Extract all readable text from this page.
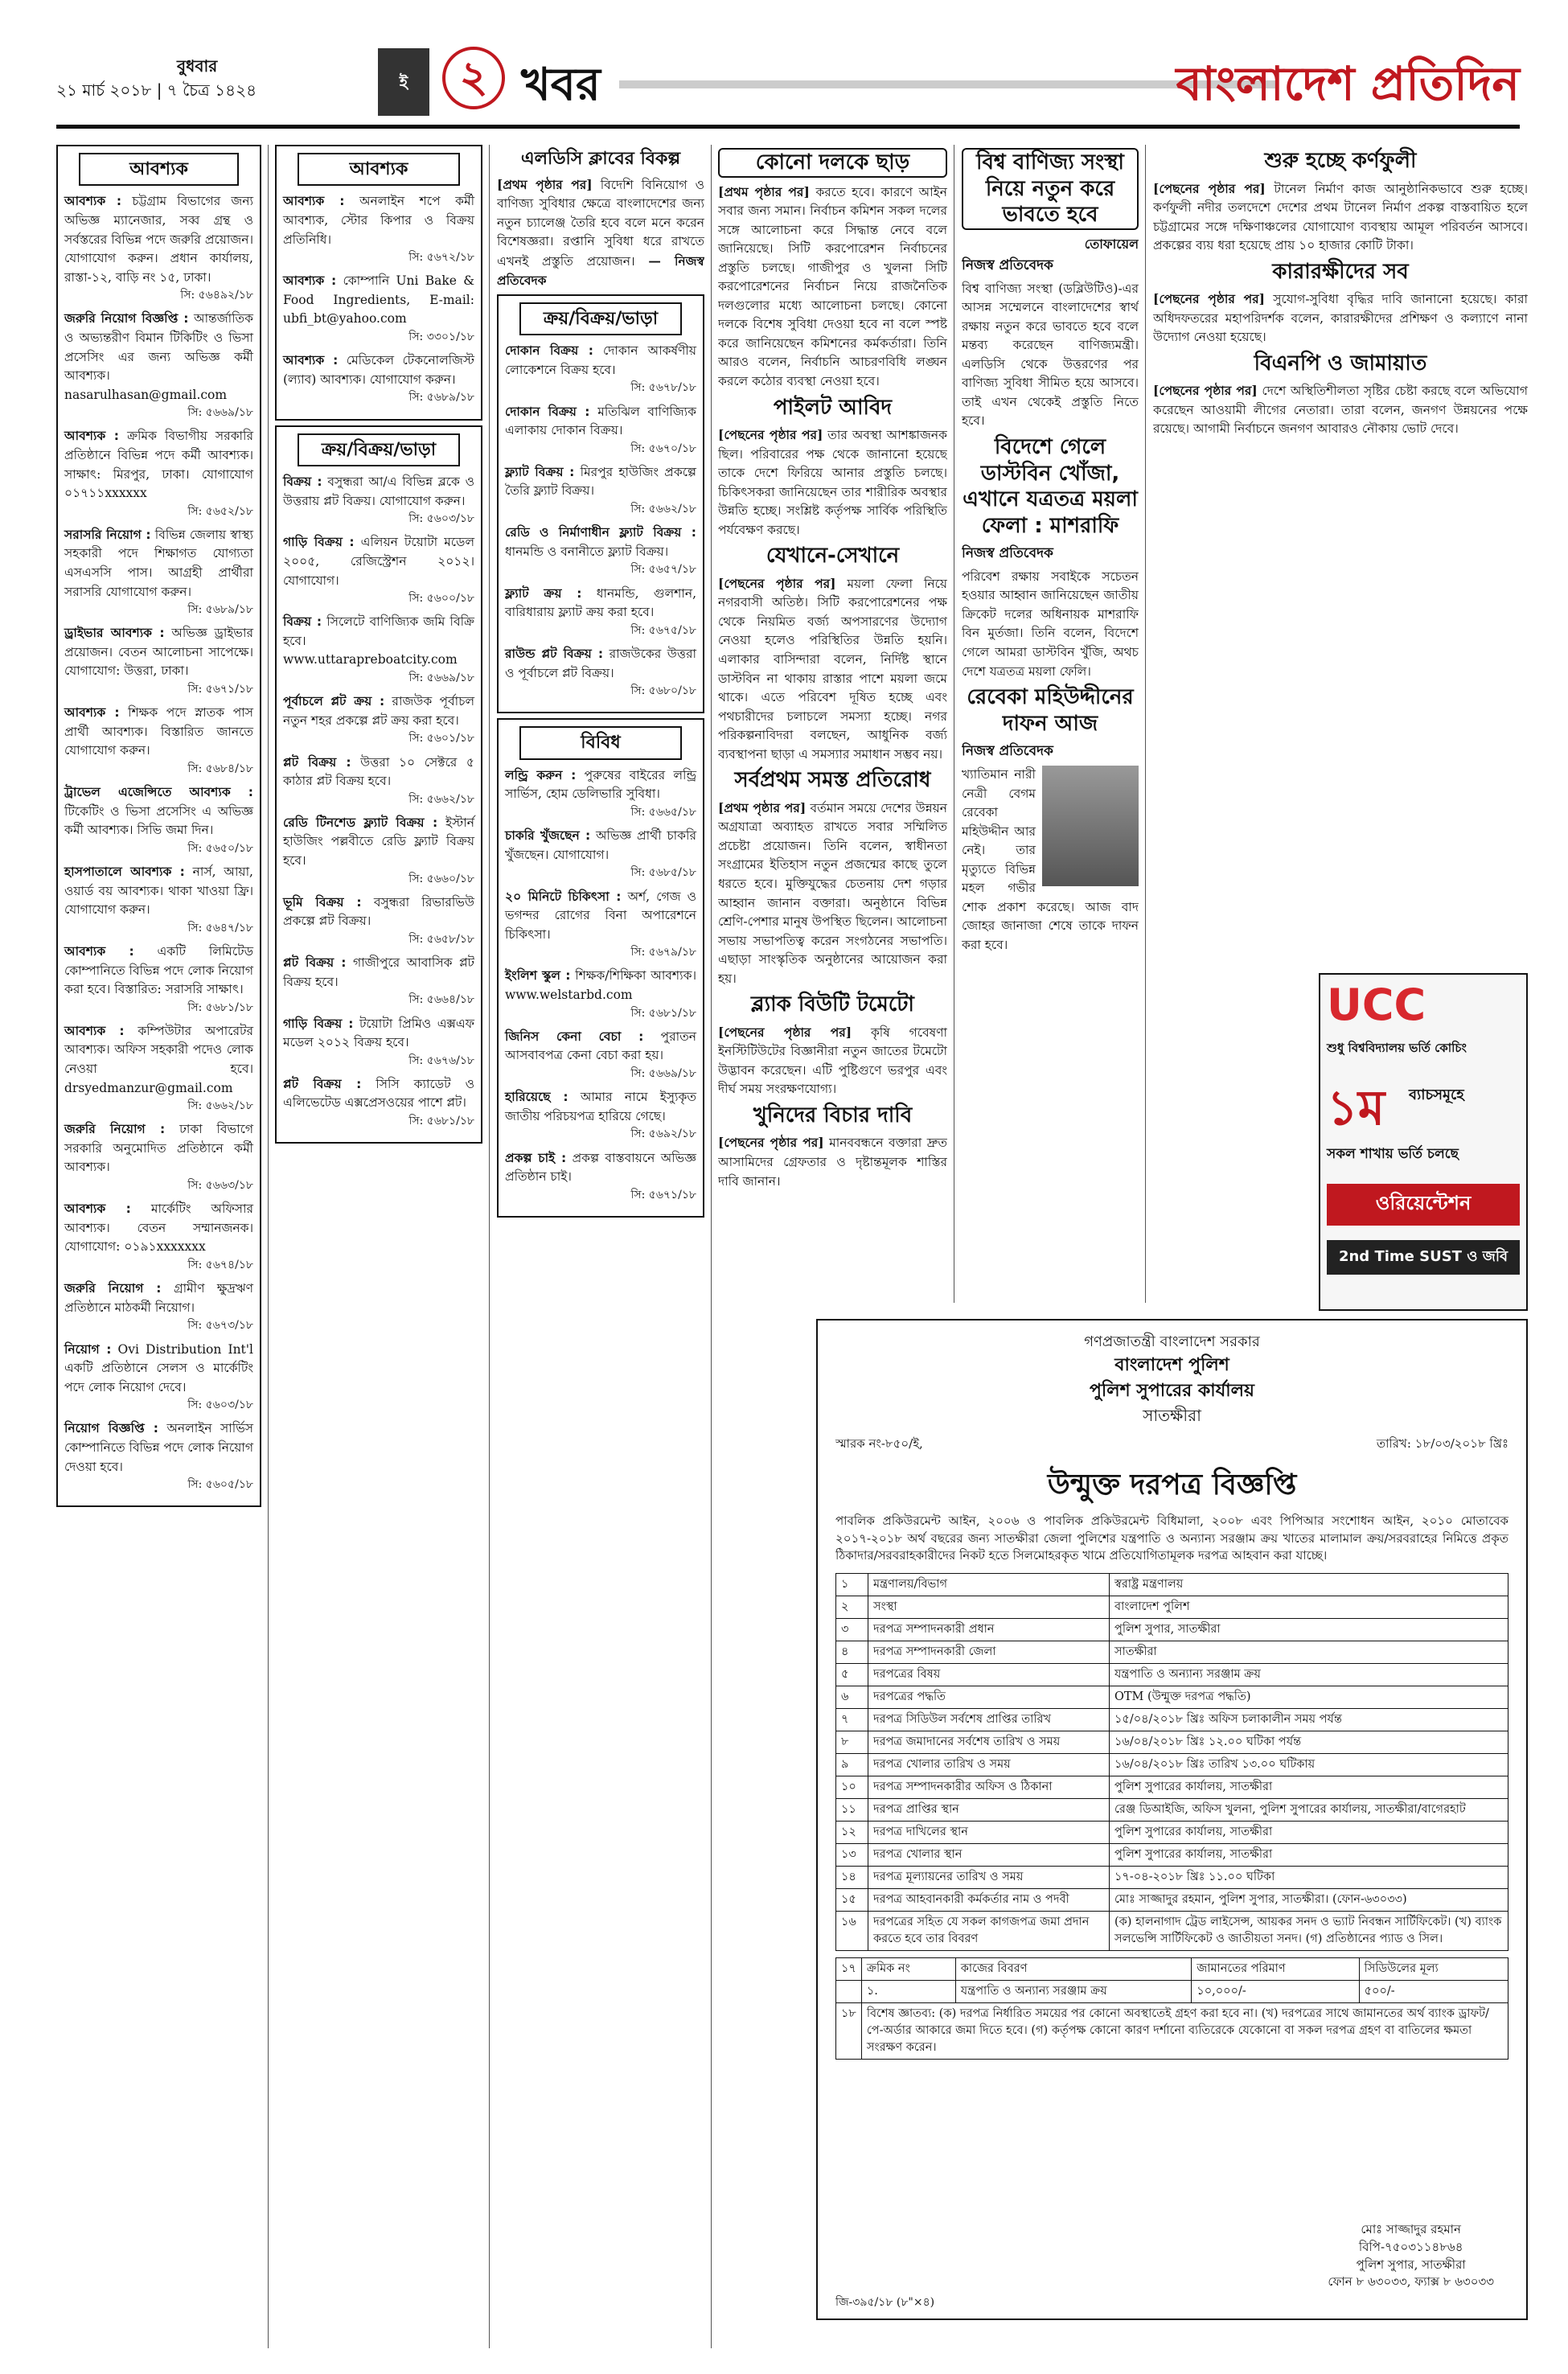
বুধবার
২১ মার্চ ২০১৮ | ৭ চৈত্র ১৪২৪	ই	২ খবর	বাংলাদেশ প্রতিদিন
আবশ্যক
আবশ্যক : চট্টগ্রাম বিভাগের জন্য অভিজ্ঞ ম্যানেজার, সব্ব গ্রন্থ ও সর্বস্তরের বিভিন্ন পদে জরুরি প্রয়োজন। যোগাযোগ করুন। প্রধান কার্যালয়, রাস্তা-১২, বাড়ি নং ১৫, ঢাকা।
সি: ৫৬৪৯২/১৮
জরুরি নিয়োগ বিজ্ঞপ্তি : আন্তর্জাতিক ও অভ্যন্তরীণ বিমান টিকিটিং ও ভিসা প্রসেসিং এর জন্য অভিজ্ঞ কর্মী আবশ্যক। nasarulhasan@gmail.com
সি: ৫৬৬৯/১৮
আবশ্যক : ক্রমিক বিভাগীয় সরকারি প্রতিষ্ঠানে বিভিন্ন পদে কর্মী আবশ্যক। সাক্ষাৎ: মিরপুর, ঢাকা। যোগাযোগ ০১৭১১xxxxxx
সি: ৫৬৫২/১৮
সরাসরি নিয়োগ : বিভিন্ন জেলায় স্বাস্থ্য সহকারী পদে শিক্ষাগত যোগ্যতা এসএসসি পাস। আগ্রহী প্রার্থীরা সরাসরি যোগাযোগ করুন।
সি: ৫৬৮৯/১৮
ড্রাইভার আবশ্যক : অভিজ্ঞ ড্রাইভার প্রয়োজন। বেতন আলোচনা সাপেক্ষে। যোগাযোগ: উত্তরা, ঢাকা।
সি: ৫৬৭১/১৮
আবশ্যক : শিক্ষক পদে স্নাতক পাস প্রার্থী আবশ্যক। বিস্তারিত জানতে যোগাযোগ করুন।
সি: ৫৬৮৪/১৮
ট্রাভেল এজেন্সিতে আবশ্যক : টিকেটিং ও ভিসা প্রসেসিং এ অভিজ্ঞ কর্মী আবশ্যক। সিভি জমা দিন।
সি: ৫৬৫০/১৮
হাসপাতালে আবশ্যক : নার্স, আয়া, ওয়ার্ড বয় আবশ্যক। থাকা খাওয়া ফ্রি। যোগাযোগ করুন।
সি: ৫৬৪৭/১৮
আবশ্যক : একটি লিমিটেড কোম্পানিতে বিভিন্ন পদে লোক নিয়োগ করা হবে। বিস্তারিত: সরাসরি সাক্ষাৎ।
সি: ৫৬৮১/১৮
আবশ্যক : কম্পিউটার অপারেটর আবশ্যক। অফিস সহকারী পদেও লোক নেওয়া হবে। drsyedmanzur@gmail.com
সি: ৫৬৬২/১৮
জরুরি নিয়োগ : ঢাকা বিভাগে সরকারি অনুমোদিত প্রতিষ্ঠানে কর্মী আবশ্যক।
সি: ৫৬৬৩/১৮
আবশ্যক : মার্কেটিং অফিসার আবশ্যক। বেতন সম্মানজনক। যোগাযোগ: ০১৯১xxxxxxx
সি: ৫৬৭৪/১৮
জরুরি নিয়োগ : গ্রামীণ ক্ষুদ্রঋণ প্রতিষ্ঠানে মাঠকর্মী নিয়োগ।
সি: ৫৬৭৩/১৮
নিয়োগ : Ovi Distribution Int'l একটি প্রতিষ্ঠানে সেলস ও মার্কেটিং পদে লোক নিয়োগ দেবে।
সি: ৫৬০৩/১৮
নিয়োগ বিজ্ঞপ্তি : অনলাইন সার্ভিস কোম্পানিতে বিভিন্ন পদে লোক নিয়োগ দেওয়া হবে।
সি: ৫৬০৫/১৮
আবশ্যক
আবশ্যক : অনলাইন শপে কর্মী আবশ্যক, স্টোর কিপার ও বিক্রয় প্রতিনিধি।
সি: ৫৬৭২/১৮
আবশ্যক : কোম্পানি Uni Bake & Food Ingredients, E-mail: ubfi_bt@yahoo.com
সি: ৩৩০১/১৮
আবশ্যক : মেডিকেল টেকনোলজিস্ট (ল্যাব) আবশ্যক। যোগাযোগ করুন।
সি: ৫৬৮৯/১৮
ক্রয়/বিক্রয়/ভাড়া
বিক্রয় : বসুন্ধরা আ/এ বিভিন্ন ব্লকে ও উত্তরায় প্লট বিক্রয়। যোগাযোগ করুন।
সি: ৫৬০৩/১৮
গাড়ি বিক্রয় : এলিয়ন টয়োটা মডেল ২০০৫, রেজিস্ট্রেশন ২০১২। যোগাযোগ।
সি: ৫৬০০/১৮
বিক্রয় : সিলেটে বাণিজ্যিক জমি বিক্রি হবে। www.uttarapreboatcity.com
সি: ৫৬৬৯/১৮
পূর্বাচলে প্লট ক্রয় : রাজউক পূর্বাচল নতুন শহর প্রকল্পে প্লট ক্রয় করা হবে।
সি: ৫৬০১/১৮
প্লট বিক্রয় : উত্তরা ১০ সেক্টরে ৫ কাঠার প্লট বিক্রয় হবে।
সি: ৫৬৬২/১৮
রেডি টিনশেড ফ্ল্যাট বিক্রয় : ইস্টার্ন হাউজিং পল্লবীতে রেডি ফ্ল্যাট বিক্রয় হবে।
সি: ৫৬৬০/১৮
ভূমি বিক্রয় : বসুন্ধরা রিভারভিউ প্রকল্পে প্লট বিক্রয়।
সি: ৫৬৫৮/১৮
প্লট বিক্রয় : গাজীপুরে আবাসিক প্লট বিক্রয় হবে।
সি: ৫৬৬৪/১৮
গাড়ি বিক্রয় : টয়োটা প্রিমিও এক্সএফ মডেল ২০১২ বিক্রয় হবে।
সি: ৫৬৭৬/১৮
প্লট বিক্রয় : সিসি ক্যাডেট ও এলিভেটেড এক্সপ্রেসওয়ের পাশে প্লট।
সি: ৫৬৮১/১৮
এলডিসি ক্লাবের বিকল্প

[প্রথম পৃষ্ঠার পর] বিদেশি বিনিয়োগ ও বাণিজ্য সুবিধার ক্ষেত্রে বাংলাদেশের জন্য নতুন চ্যালেঞ্জ তৈরি হবে বলে মনে করেন বিশেষজ্ঞরা। রপ্তানি সুবিধা ধরে রাখতে এখনই প্রস্তুতি প্রয়োজন। — নিজস্ব প্রতিবেদক

ক্রয়/বিক্রয়/ভাড়া
দোকান বিক্রয় : দোকান আকর্ষণীয় লোকেশনে বিক্রয় হবে।
সি: ৫৬৭৮/১৮
দোকান বিক্রয় : মতিঝিল বাণিজ্যিক এলাকায় দোকান বিক্রয়।
সি: ৫৬৭০/১৮
ফ্ল্যাট বিক্রয় : মিরপুর হাউজিং প্রকল্পে তৈরি ফ্ল্যাট বিক্রয়।
সি: ৫৬৬২/১৮
রেডি ও নির্মাণাধীন ফ্ল্যাট বিক্রয় : ধানমন্ডি ও বনানীতে ফ্ল্যাট বিক্রয়।
সি: ৫৬৫৭/১৮
ফ্ল্যাট ক্রয় : ধানমন্ডি, গুলশান, বারিধারায় ফ্ল্যাট ক্রয় করা হবে।
সি: ৫৬৭৫/১৮
রাউন্ড প্লট বিক্রয় : রাজউকের উত্তরা ও পূর্বাচলে প্লট বিক্রয়।
সি: ৫৬৮০/১৮
বিবিধ
লন্ড্রি করুন : পুরুষের বাইরের লন্ড্রি সার্ভিস, হোম ডেলিভারি সুবিধা।
সি: ৫৬৬৫/১৮
চাকরি খুঁজছেন : অভিজ্ঞ প্রার্থী চাকরি খুঁজছেন। যোগাযোগ।
সি: ৫৬৮৫/১৮
২০ মিনিটে চিকিৎসা : অর্শ, গেজ ও ভগন্দর রোগের বিনা অপারেশনে চিকিৎসা।
সি: ৫৬৭৯/১৮
ইংলিশ স্কুল : শিক্ষক/শিক্ষিকা আবশ্যক। www.welstarbd.com
সি: ৫৬৮১/১৮
জিনিস কেনা বেচা : পুরাতন আসবাবপত্র কেনা বেচা করা হয়।
সি: ৫৬৬৯/১৮
হারিয়েছে : আমার নামে ইস্যুকৃত জাতীয় পরিচয়পত্র হারিয়ে গেছে।
সি: ৫৬৯২/১৮
প্রকল্প চাই : প্রকল্প বাস্তবায়নে অভিজ্ঞ প্রতিষ্ঠান চাই।
সি: ৫৬৭১/১৮
কোনো দলকে ছাড়

[প্রথম পৃষ্ঠার পর] করতে হবে। কারণে আইন সবার জন্য সমান। নির্বাচন কমিশন সকল দলের সঙ্গে আলোচনা করে সিদ্ধান্ত নেবে বলে জানিয়েছে। সিটি করপোরেশন নির্বাচনের প্রস্তুতি চলছে। গাজীপুর ও খুলনা সিটি করপোরেশনের নির্বাচন নিয়ে রাজনৈতিক দলগুলোর মধ্যে আলোচনা চলছে। কোনো দলকে বিশেষ সুবিধা দেওয়া হবে না বলে স্পষ্ট করে জানিয়েছেন কমিশনের কর্মকর্তারা। তিনি আরও বলেন, নির্বাচনি আচরণবিধি লঙ্ঘন করলে কঠোর ব্যবস্থা নেওয়া হবে।

পাইলট আবিদ

[পেছনের পৃষ্ঠার পর] তার অবস্থা আশঙ্কাজনক ছিল। পরিবারের পক্ষ থেকে জানানো হয়েছে তাকে দেশে ফিরিয়ে আনার প্রস্তুতি চলছে। চিকিৎসকরা জানিয়েছেন তার শারীরিক অবস্থার উন্নতি হচ্ছে। সংশ্লিষ্ট কর্তৃপক্ষ সার্বিক পরিস্থিতি পর্যবেক্ষণ করছে।

যেখানে-সেখানে

[পেছনের পৃষ্ঠার পর] ময়লা ফেলা নিয়ে নগরবাসী অতিষ্ঠ। সিটি করপোরেশনের পক্ষ থেকে নিয়মিত বর্জ্য অপসারণের উদ্যোগ নেওয়া হলেও পরিস্থিতির উন্নতি হয়নি। এলাকার বাসিন্দারা বলেন, নির্দিষ্ট স্থানে ডাস্টবিন না থাকায় রাস্তার পাশে ময়লা জমে থাকে। এতে পরিবেশ দূষিত হচ্ছে এবং পথচারীদের চলাচলে সমস্যা হচ্ছে। নগর পরিকল্পনাবিদরা বলছেন, আধুনিক বর্জ্য ব্যবস্থাপনা ছাড়া এ সমস্যার সমাধান সম্ভব নয়।

সর্বপ্রথম সমস্ত প্রতিরোধ

[প্রথম পৃষ্ঠার পর] বর্তমান সময়ে দেশের উন্নয়ন অগ্রযাত্রা অব্যাহত রাখতে সবার সম্মিলিত প্রচেষ্টা প্রয়োজন। তিনি বলেন, স্বাধীনতা সংগ্রামের ইতিহাস নতুন প্রজন্মের কাছে তুলে ধরতে হবে। মুক্তিযুদ্ধের চেতনায় দেশ গড়ার আহ্বান জানান বক্তারা। অনুষ্ঠানে বিভিন্ন শ্রেণি-পেশার মানুষ উপস্থিত ছিলেন। আলোচনা সভায় সভাপতিত্ব করেন সংগঠনের সভাপতি। এছাড়া সাংস্কৃতিক অনুষ্ঠানের আয়োজন করা হয়।

ব্ল্যাক বিউটি টমেটো

[পেছনের পৃষ্ঠার পর] কৃষি গবেষণা ইনস্টিটিউটের বিজ্ঞানীরা নতুন জাতের টমেটো উদ্ভাবন করেছেন। এটি পুষ্টিগুণে ভরপুর এবং দীর্ঘ সময় সংরক্ষণযোগ্য।

খুনিদের বিচার দাবি

[পেছনের পৃষ্ঠার পর] মানববন্ধনে বক্তারা দ্রুত আসামিদের গ্রেফতার ও দৃষ্টান্তমূলক শাস্তির দাবি জানান।

বিশ্ব বাণিজ্য সংস্থা নিয়ে নতুন করে ভাবতে হবে
তোফায়েল
নিজস্ব প্রতিবেদক

বিশ্ব বাণিজ্য সংস্থা (ডব্লিউটিও)-এর আসন্ন সম্মেলনে বাংলাদেশের স্বার্থ রক্ষায় নতুন করে ভাবতে হবে বলে মন্তব্য করেছেন বাণিজ্যমন্ত্রী। এলডিসি থেকে উত্তরণের পর বাণিজ্য সুবিধা সীমিত হয়ে আসবে। তাই এখন থেকেই প্রস্তুতি নিতে হবে।

বিদেশে গেলে ডাস্টবিন খোঁজা, এখানে যত্রতত্র ময়লা ফেলা : মাশরাফি
নিজস্ব প্রতিবেদক

পরিবেশ রক্ষায় সবাইকে সচেতন হওয়ার আহ্বান জানিয়েছেন জাতীয় ক্রিকেট দলের অধিনায়ক মাশরাফি বিন মুর্তজা। তিনি বলেন, বিদেশে গেলে আমরা ডাস্টবিন খুঁজি, অথচ দেশে যত্রতত্র ময়লা ফেলি।

রেবেকা মহিউদ্দীনের দাফন আজ
নিজস্ব প্রতিবেদক

খ্যাতিমান নারী নেত্রী বেগম রেবেকা মহিউদ্দীন আর নেই। তার মৃত্যুতে বিভিন্ন মহল গভীর শোক প্রকাশ করেছে। আজ বাদ জোহর জানাজা শেষে তাকে দাফন করা হবে।

শুরু হচ্ছে কর্ণফুলী

[পেছনের পৃষ্ঠার পর] টানেল নির্মাণ কাজ আনুষ্ঠানিকভাবে শুরু হচ্ছে। কর্ণফুলী নদীর তলদেশে দেশের প্রথম টানেল নির্মাণ প্রকল্প বাস্তবায়িত হলে চট্টগ্রামের সঙ্গে দক্ষিণাঞ্চলের যোগাযোগ ব্যবস্থায় আমূল পরিবর্তন আসবে। প্রকল্পের ব্যয় ধরা হয়েছে প্রায় ১০ হাজার কোটি টাকা।

কারারক্ষীদের সব

[পেছনের পৃষ্ঠার পর] সুযোগ-সুবিধা বৃদ্ধির দাবি জানানো হয়েছে। কারা অধিদফতরের মহাপরিদর্শক বলেন, কারারক্ষীদের প্রশিক্ষণ ও কল্যাণে নানা উদ্যোগ নেওয়া হয়েছে।

বিএনপি ও জামায়াত

[পেছনের পৃষ্ঠার পর] দেশে অস্থিতিশীলতা সৃষ্টির চেষ্টা করছে বলে অভিযোগ করেছেন আওয়ামী লীগের নেতারা। তারা বলেন, জনগণ উন্নয়নের পক্ষে রয়েছে। আগামী নির্বাচনে জনগণ আবারও নৌকায় ভোট দেবে।

UCC
শুধু বিশ্ববিদ্যালয় ভর্তি কোচিং
১ম ব্যাচসমূহে
সকল শাখায় ভর্তি চলছে
ওরিয়েন্টেশন
2nd Time SUST ও জবি
গণপ্রজাতন্ত্রী বাংলাদেশ সরকার
বাংলাদেশ পুলিশ
পুলিশ সুপারের কার্যালয়
সাতক্ষীরা
স্মারক নং-৮৫০/ই,	তারিখ: ১৮/০৩/২০১৮ খ্রিঃ
উন্মুক্ত দরপত্র বিজ্ঞপ্তি

পাবলিক প্রকিউরমেন্ট আইন, ২০০৬ ও পাবলিক প্রকিউরমেন্ট বিধিমালা, ২০০৮ এবং পিপিআর সংশোধন আইন, ২০১০ মোতাবেক ২০১৭-২০১৮ অর্থ বছরের জন্য সাতক্ষীরা জেলা পুলিশের যন্ত্রপাতি ও অন্যান্য সরঞ্জাম ক্রয় খাতের মালামাল ক্রয়/সরবরাহের নিমিত্তে প্রকৃত ঠিকাদার/সরবরাহকারীদের নিকট হতে সিলমোহরকৃত খামে প্রতিযোগিতামূলক দরপত্র আহবান করা যাচ্ছে।

১	মন্ত্রণালয়/বিভাগ	স্বরাষ্ট্র মন্ত্রণালয়
২	সংস্থা	বাংলাদেশ পুলিশ
৩	দরপত্র সম্পাদনকারী প্রধান	পুলিশ সুপার, সাতক্ষীরা
৪	দরপত্র সম্পাদনকারী জেলা	সাতক্ষীরা
৫	দরপত্রের বিষয়	যন্ত্রপাতি ও অন্যান্য সরঞ্জাম ক্রয়
৬	দরপত্রের পদ্ধতি	OTM (উন্মুক্ত দরপত্র পদ্ধতি)
৭	দরপত্র সিডিউল সর্বশেষ প্রাপ্তির তারিখ	১৫/০৪/২০১৮ খ্রিঃ অফিস চলাকালীন সময় পর্যন্ত
৮	দরপত্র জমাদানের সর্বশেষ তারিখ ও সময়	১৬/০৪/২০১৮ খ্রিঃ ১২.০০ ঘটিকা পর্যন্ত
৯	দরপত্র খোলার তারিখ ও সময়	১৬/০৪/২০১৮ খ্রিঃ তারিখ ১৩.০০ ঘটিকায়
১০	দরপত্র সম্পাদনকারীর অফিস ও ঠিকানা	পুলিশ সুপারের কার্যালয়, সাতক্ষীরা
১১	দরপত্র প্রাপ্তির স্থান	রেঞ্জ ডিআইজি, অফিস খুলনা, পুলিশ সুপারের কার্যালয়, সাতক্ষীরা/বাগেরহাট
১২	দরপত্র দাখিলের স্থান	পুলিশ সুপারের কার্যালয়, সাতক্ষীরা
১৩	দরপত্র খোলার স্থান	পুলিশ সুপারের কার্যালয়, সাতক্ষীরা
১৪	দরপত্র মূল্যায়নের তারিখ ও সময়	১৭-০৪-২০১৮ খ্রিঃ ১১.০০ ঘটিকা
১৫	দরপত্র আহবানকারী কর্মকর্তার নাম ও পদবী	মোঃ সাজ্জাদুর রহমান, পুলিশ সুপার, সাতক্ষীরা। (ফোন-৬৩০৩৩)
১৬	দরপত্রের সহিত যে সকল কাগজপত্র জমা প্রদান করতে হবে তার বিবরণ	(ক) হালনাগাদ ট্রেড লাইসেন্স, আয়কর সনদ ও ভ্যাট নিবন্ধন সার্টিফিকেট। (খ) ব্যাংক সলভেন্সি সার্টিফিকেট ও জাতীয়তা সনদ। (গ) প্রতিষ্ঠানের প্যাড ও সিল।
১৭	ক্রমিক নং	কাজের বিবরণ	জামানতের পরিমাণ	সিডিউলের মূল্য
	১.	যন্ত্রপাতি ও অন্যান্য সরঞ্জাম ক্রয়	১০,০০০/-	৫০০/-
১৮	বিশেষ জ্ঞাতব্য: (ক) দরপত্র নির্ধারিত সময়ের পর কোনো অবস্থাতেই গ্রহণ করা হবে না। (খ) দরপত্রের সাথে জামানতের অর্থ ব্যাংক ড্রাফট/পে-অর্ডার আকারে জমা দিতে হবে। (গ) কর্তৃপক্ষ কোনো কারণ দর্শানো ব্যতিরেকে যেকোনো বা সকল দরপত্র গ্রহণ বা বাতিলের ক্ষমতা সংরক্ষণ করেন।			
মোঃ সাজ্জাদুর রহমান
বিপি-৭৫০৩১১৪৮৬৪
পুলিশ সুপার, সাতক্ষীরা
ফোন ৮ ৬৩০৩৩, ফ্যাক্স ৮ ৬৩০৩৩
জি-৩৯৫/১৮ (৮"×৪)
